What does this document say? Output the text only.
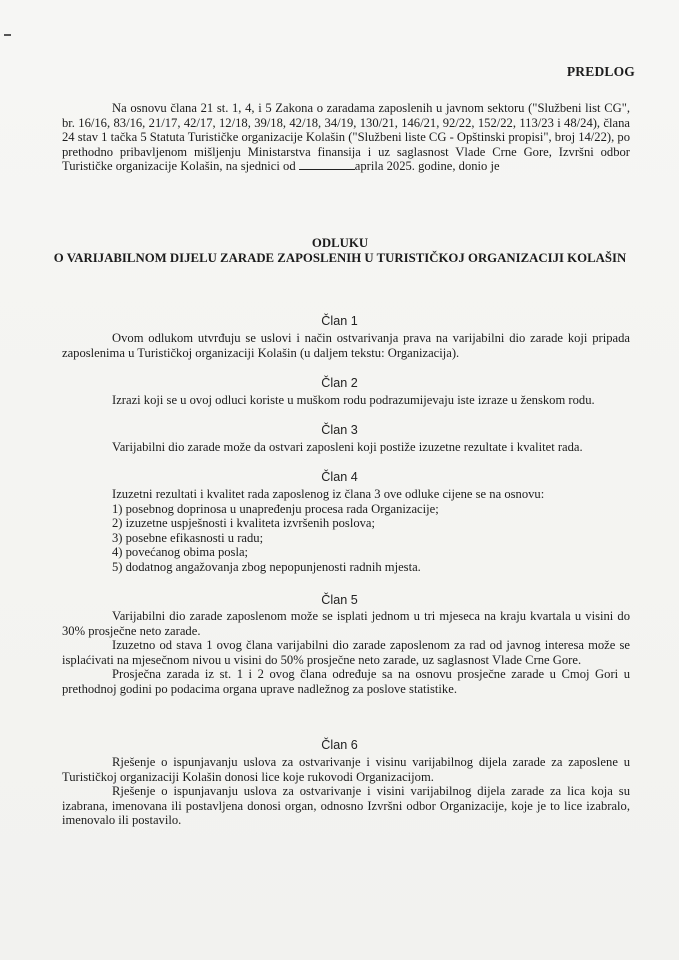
PREDLOG
Na osnovu člana 21 st. 1, 4, i 5 Zakona o zaradama zaposlenih u javnom sektoru ("Službeni list CG", br. 16/16, 83/16, 21/17, 42/17, 12/18, 39/18, 42/18, 34/19, 130/21, 146/21, 92/22, 152/22, 113/23 i 48/24), člana 24 stav 1 tačka 5 Statuta Turističke organizacije Kolašin ("Službeni liste CG - Opštinski propisi", broj 14/22), po prethodno pribavljenom mišljenju Ministarstva finansija i uz saglasnost Vlade Crne Gore, Izvršni odbor Turističke organizacije Kolašin, na sjednici od	aprila 2025. godine, donio je
ODLUKU
O VARIJABILNOM DIJELU ZARADE ZAPOSLENIH U TURISTIČKOJ ORGANIZACIJI KOLAŠIN
Član 1

Ovom odlukom utvrđuju se uslovi i način ostvarivanja prava na varijabilni dio zarade koji pripada zaposlenima u Turističkoj organizaciji Kolašin (u daljem tekstu: Organizacija).

Član 2

Izrazi koji se u ovoj odluci koriste u muškom rodu podrazumijevaju iste izraze u ženskom rodu.

Član 3

Varijabilni dio zarade može da ostvari zaposleni koji postiže izuzetne rezultate i kvalitet rada.

Član 4

Izuzetni rezultati i kvalitet rada zaposlenog iz člana 3 ove odluke cijene se na osnovu:

1) posebnog doprinosa u unapređenju procesa rada Organizacije;
2) izuzetne uspješnosti i kvaliteta izvršenih poslova;
3) posebne efikasnosti u radu;
4) povećanog obima posla;
5) dodatnog angažovanja zbog nepopunjenosti radnih mjesta.
Član 5

Varijabilni dio zarade zaposlenom može se isplati jednom u tri mjeseca na kraju kvartala u visini do 30% prosječne neto zarade.

Izuzetno od stava 1 ovog člana varijabilni dio zarade zaposlenom za rad od javnog interesa može se isplaćivati na mjesečnom nivou u visini do 50% prosječne neto zarade, uz saglasnost Vlade Crne Gore.

Prosječna zarada iz st. 1 i 2 ovog člana određuje sa na osnovu prosječne zarade u Cmoj Gori u prethodnoj godini po podacima organa uprave nadležnog za poslove statistike.

Član 6

Rješenje o ispunjavanju uslova za ostvarivanje i visinu varijabilnog dijela zarade za zaposlene u Turističkoj organizaciji Kolašin donosi lice koje rukovodi Organizacijom.

Rješenje o ispunjavanju uslova za ostvarivanje i visini varijabilnog dijela zarade za lica koja su izabrana, imenovana ili postavljena donosi organ, odnosno Izvršni odbor Organizacije, koje je to lice izabralo, imenovalo ili postavilo.
